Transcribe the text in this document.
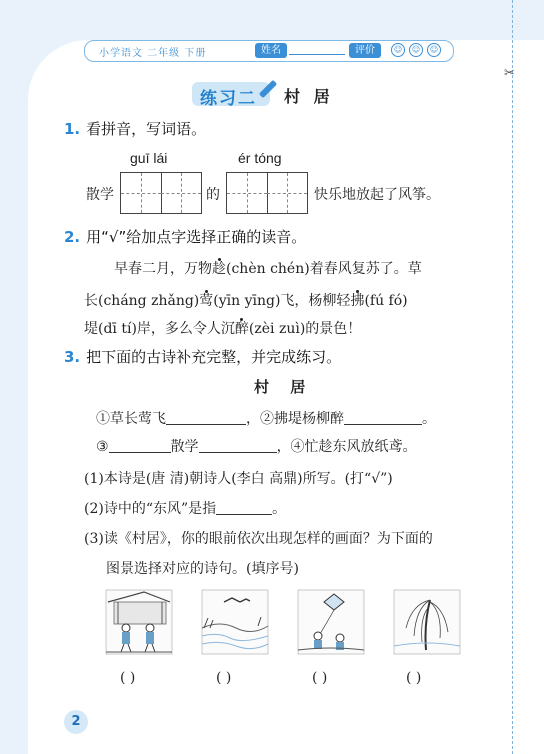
✂
小学语文 二年级 下册	姓名	评价	☺	☺	☺
练习二 村 居
1. 看拼音，写词语。
guī lái	ér tóng
散学	的	快乐地放起了风筝。
2. 用“√”给加点字选择正确的读音。
早春二月，万物趁(chèn chén)着春风复苏了。草
长(cháng zhǎng)莺(yīn yīng)飞，杨柳轻拂(fú fó)
堤(dī tí)岸，多么令人沉醉(zèi zuì)的景色！
3. 把下面的古诗补充完整，并完成练习。
村 居
①草长莺飞	，②拂堤杨柳醉	。
③	散学	，④忙趁东风放纸鸢。
(1)本诗是(唐 清)朝诗人(李白 高鼎)所写。(打“√”)
(2)诗中的“东风”是指	。
(3)读《村居》，你的眼前依次出现怎样的画面？为下面的
图景选择对应的诗句。(填序号)
( )	( )	( )	( )
2
